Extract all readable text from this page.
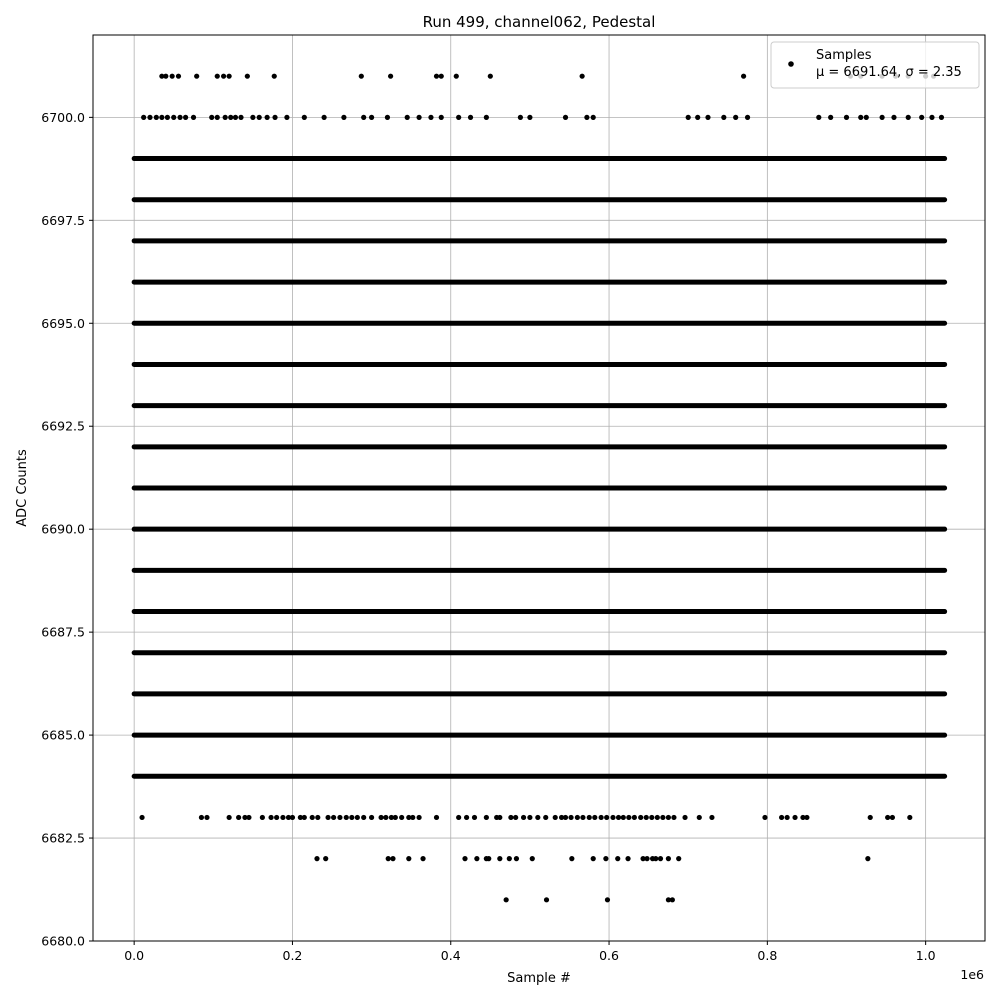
0.0	0.2	0.4	0.6	0.8	1.0
6680.0
6682.5
6685.0
6687.5
6690.0
6692.5
6695.0
6697.5
6700.0
Run 499, channel062, Pedestal
Sample #
ADC Counts
1e6
Samples
μ = 6691.64, σ = 2.35
